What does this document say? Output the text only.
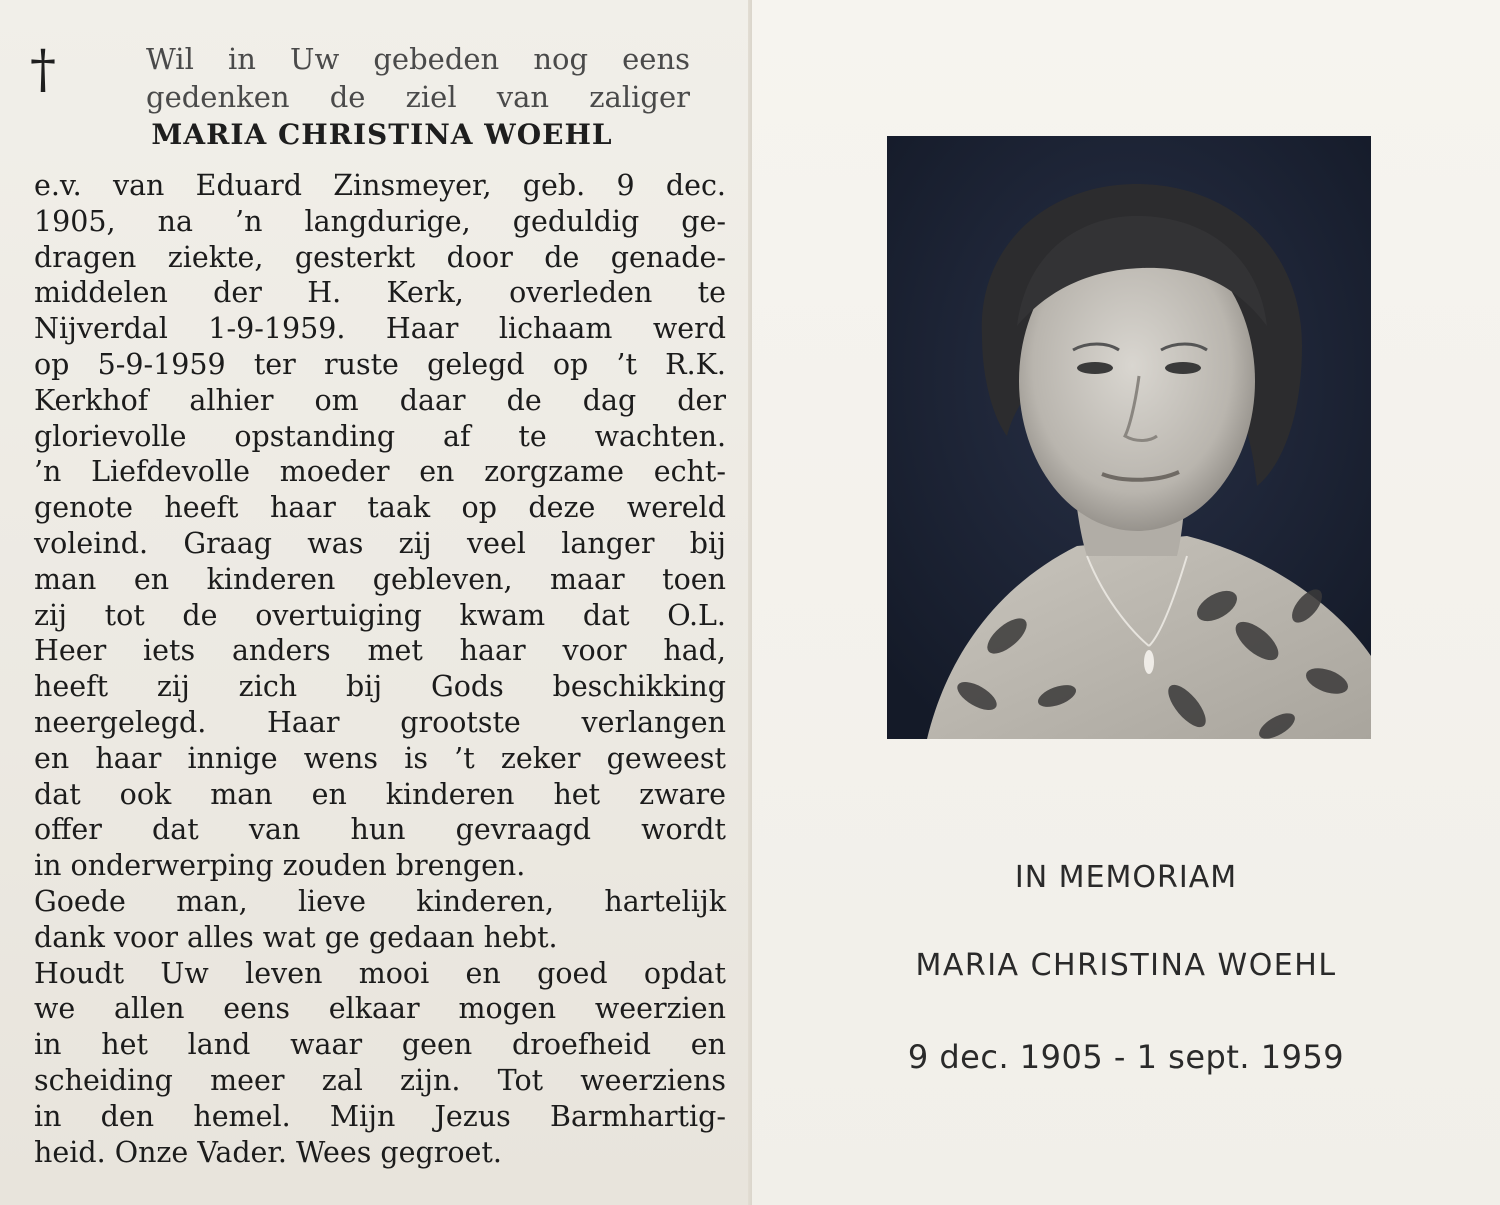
†	Wil in Uw gebeden nog eens
gedenken de ziel van zaliger
MARIA CHRISTINA WOEHL
e.v. van Eduard Zinsmeyer, geb. 9 dec.
1905, na ’n langdurige, geduldig ge-
dragen ziekte, gesterkt door de genade-
middelen der H. Kerk, overleden te
Nijverdal 1-9-1959. Haar lichaam werd
op 5-9-1959 ter ruste gelegd op ’t R.K.
Kerkhof alhier om daar de dag der
glorievolle opstanding af te wachten.
’n Liefdevolle moeder en zorgzame echt-
genote heeft haar taak op deze wereld
voleind. Graag was zij veel langer bij
man en kinderen gebleven, maar toen
zij tot de overtuiging kwam dat O.L.
Heer iets anders met haar voor had,
heeft zij zich bij Gods beschikking
neergelegd. Haar grootste verlangen
en haar innige wens is ’t zeker geweest
dat ook man en kinderen het zware
offer dat van hun gevraagd wordt
in onderwerping zouden brengen.
Goede man, lieve kinderen, hartelijk
dank voor alles wat ge gedaan hebt.
Houdt Uw leven mooi en goed opdat
we allen eens elkaar mogen weerzien
in het land waar geen droefheid en
scheiding meer zal zijn. Tot weerziens
in den hemel. Mijn Jezus Barmhartig-
heid. Onze Vader. Wees gegroet.
IN MEMORIAM
MARIA CHRISTINA WOEHL
9 dec. 1905 - 1 sept. 1959
